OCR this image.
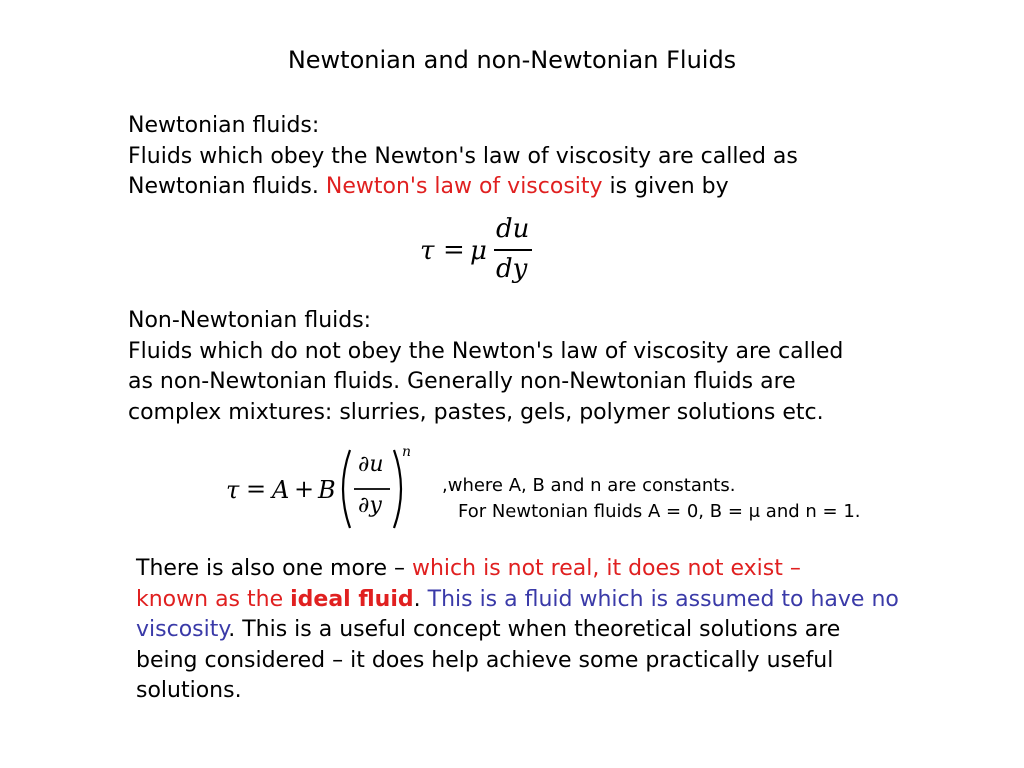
Newtonian and non-Newtonian Fluids
Newtonian fluids:
Fluids which obey the Newton's law of viscosity are called as
Newtonian fluids. Newton's law of viscosity is given by
τ = μ
du
dy
Non-Newtonian fluids:
Fluids which do not obey the Newton's law of viscosity are called
as non-Newtonian fluids. Generally non-Newtonian fluids are
complex mixtures: slurries, pastes, gels, polymer solutions etc.
τ = A + B
∂u
∂y
n
,where A, B and n are constants.
For Newtonian fluids A = 0, B = μ and n = 1.
There is also one more – which is not real, it does not exist –
known as the ideal fluid. This is a fluid which is assumed to have no
viscosity. This is a useful concept when theoretical solutions are
being considered – it does help achieve some practically useful
solutions.
